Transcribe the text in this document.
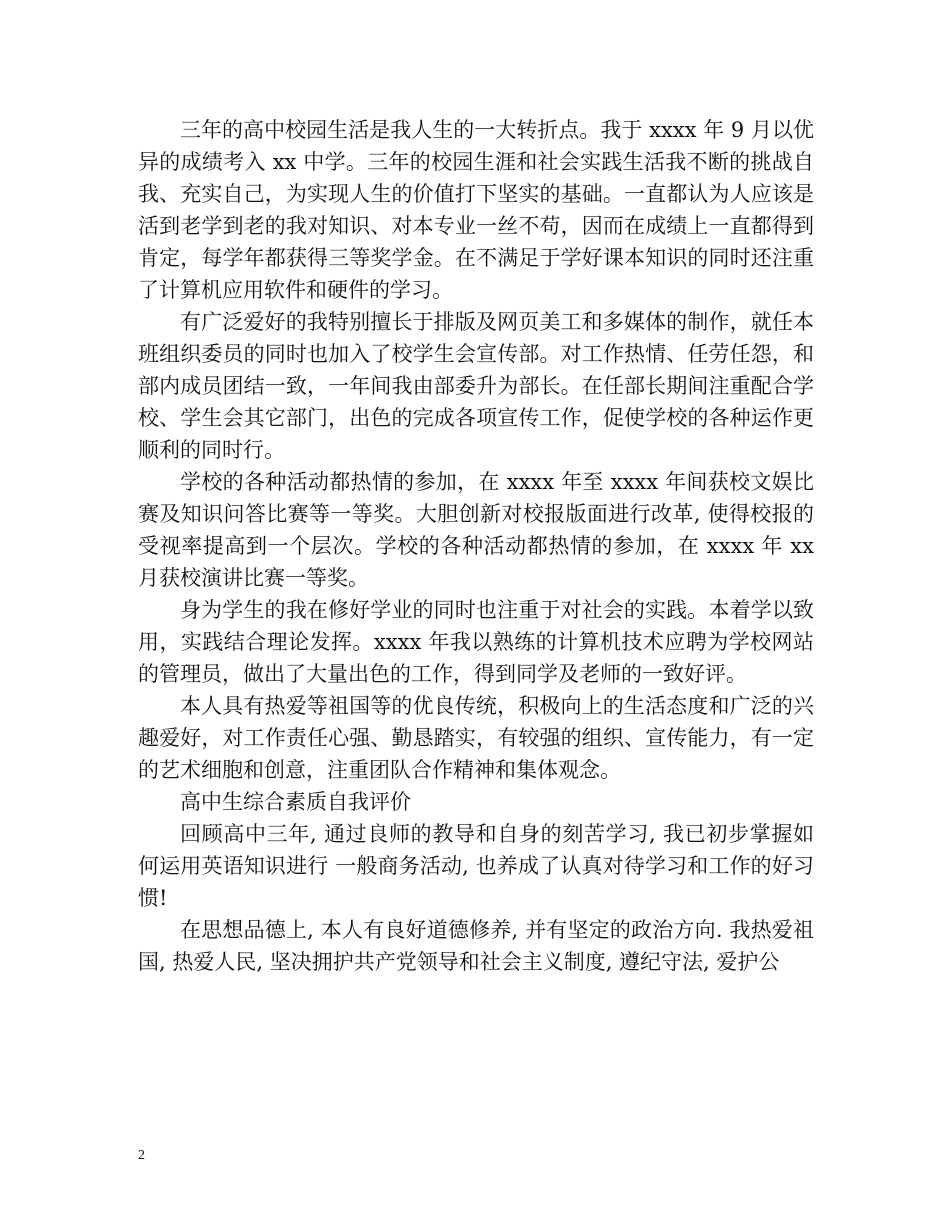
三年的高中校园生活是我人生的一大转折点。我于 xxxx 年 9 月以优异的成绩考入 xx 中学。三年的校园生涯和社会实践生活我不断的挑战自我、充实自己，为实现人生的价值打下坚实的基础。一直都认为人应该是活到老学到老的我对知识、对本专业一丝不苟，因而在成绩上一直都得到肯定，每学年都获得三等奖学金。在不满足于学好课本知识的同时还注重了计算机应用软件和硬件的学习。

有广泛爱好的我特别擅长于排版及网页美工和多媒体的制作，就任本班组织委员的同时也加入了校学生会宣传部。对工作热情、任劳任怨，和部内成员团结一致，一年间我由部委升为部长。在任部长期间注重配合学校、学生会其它部门，出色的完成各项宣传工作，促使学校的各种运作更顺利的同时行。

学校的各种活动都热情的参加，在 xxxx 年至 xxxx 年间获校文娱比赛及知识问答比赛等一等奖。大胆创新对校报版面进行改革, 使得校报的受视率提高到一个层次。学校的各种活动都热情的参加，在 xxxx 年 xx 月获校演讲比赛一等奖。

身为学生的我在修好学业的同时也注重于对社会的实践。本着学以致用，实践结合理论发挥。xxxx 年我以熟练的计算机技术应聘为学校网站的管理员，做出了大量出色的工作，得到同学及老师的一致好评。

本人具有热爱等祖国等的优良传统，积极向上的生活态度和广泛的兴趣爱好，对工作责任心强、勤恳踏实，有较强的组织、宣传能力，有一定的艺术细胞和创意，注重团队合作精神和集体观念。

高中生综合素质自我评价

回顾高中三年, 通过良师的教导和自身的刻苦学习, 我已初步掌握如何运用英语知识进行 一般商务活动, 也养成了认真对待学习和工作的好习惯!

在思想品德上, 本人有良好道德修养, 并有坚定的政治方向. 我热爱祖国, 热爱人民, 坚决拥护共产党领导和社会主义制度, 遵纪守法, 爱护公

2
